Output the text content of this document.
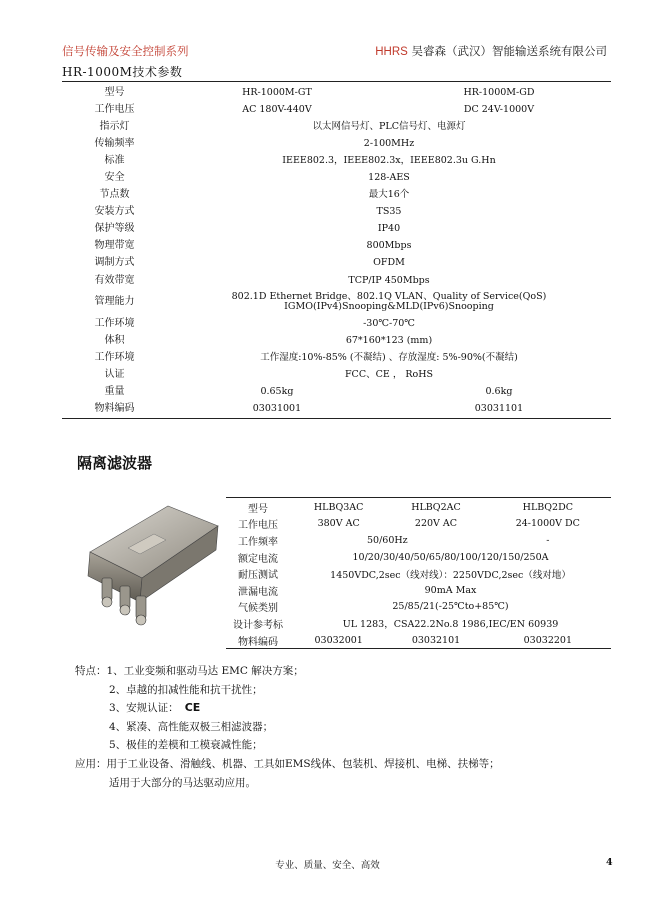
信号传输及安全控制系列	HHRS 吴睿森（武汉）智能输送系统有限公司
HR-1000M技术参数
型号	HR-1000M-GT	HR-1000M-GD
工作电压	AC 180V-440V	DC 24V-1000V
指示灯	以太网信号灯、PLC信号灯、电源灯	

传输频率	2-100MHz	

标准	IEEE802.3，IEEE802.3x，IEEE802.3u G.Hn	

安全	128-AES	

节点数	最大16个	

安装方式	TS35	

保护等级	IP40	

物理带宽	800Mbps	

调制方式	OFDM	

有效带宽	TCP/IP 450Mbps	

管理能力	802.1D Ethernet Bridge、802.1Q VLAN、Quality of Service(QoS)
IGMO(IPv4)Snooping&MLD(IPv6)Snooping	

工作环境	-30℃-70℃	

体积	67*160*123 (mm)	

工作环境	工作湿度:10%-85% (不凝结) 、存放湿度: 5%-90%(不凝结)	

认证	FCC、CE ， RoHS	

重量	0.65kg	0.6kg
物料编码	03031001	03031101
隔离滤波器
型号	HLBQ3AC	HLBQ2AC	HLBQ2DC
工作电压	380V AC	220V AC	24-1000V DC
工作频率	50/60Hz		-
额定电流	10/20/30/40/50/65/80/100/120/150/250A		
耐压测试	1450VDC,2sec（线对线）：2250VDC,2sec（线对地）		
泄漏电流	90mA Max		
气候类别	25/85/21(-25℃to+85℃)		
设计参考标	UL 1283，CSA22.2No.8 1986,IEC/EN 60939		
物料编码	03032001	03032101	03032201
特点：1、工业变频和驱动马达 EMC 解决方案；
2、卓越的扣减性能和抗干扰性；
3、安规认证： CE
4、紧凑、高性能双极三相滤波器；
5、极佳的差模和工模衰减性能；
应用：用于工业设备、滑触线、机器、工具如EMS线体、包装机、焊接机、电梯、扶梯等；
适用于大部分的马达驱动应用。
专业、质量、安全、高效	4
